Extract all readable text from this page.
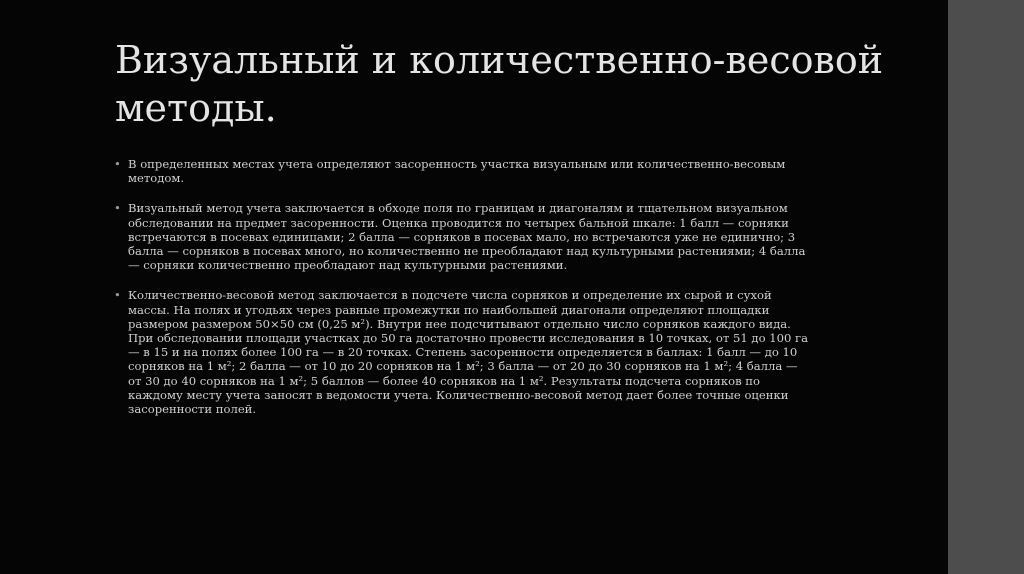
Визуальный и количественно-весовой методы.
• В определенных местах учета определяют засоренность участка визуальным или количественно-весовым методом.
• Визуальный метод учета заключается в обходе поля по границам и диагоналям и тщательном визуальном обследовании на предмет засоренности. Оценка проводится по четырех бальной шкале: 1 балл — сорняки встречаются в посевах единицами; 2 балла — сорняков в посевах мало, но встречаются уже не единично; 3 балла — сорняков в посевах много, но количественно не преобладают над культурными растениями; 4 балла — сорняки количественно преобладают над культурными растениями.
• Количественно-весовой метод заключается в подсчете числа сорняков и определение их сырой и сухой массы. На полях и угодьях через равные промежутки по наибольшей диагонали определяют площадки размером размером 50×50 см (0,25 м²). Внутри нее подсчитывают отдельно число сорняков каждого вида. При обследовании площади участках до 50 га достаточно провести исследования в 10 точках, от 51 до 100 га — в 15 и на полях более 100 га — в 20 точках. Степень засоренности определяется в баллах: 1 балл — до 10 сорняков на 1 м²; 2 балла — от 10 до 20 сорняков на 1 м²; 3 балла — от 20 до 30 сорняков на 1 м²; 4 балла — от 30 до 40 сорняков на 1 м²; 5 баллов — более 40 сорняков на 1 м². Результаты подсчета сорняков по каждому месту учета заносят в ведомости учета. Количественно-весовой метод дает более точные оценки засоренности полей.
